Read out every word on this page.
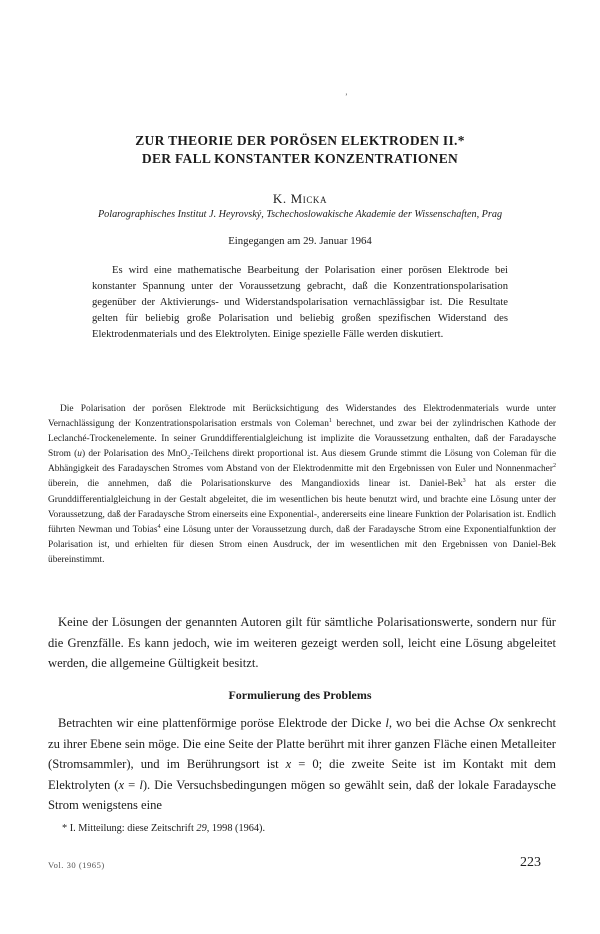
’
ZUR THEORIE DER PORÖSEN ELEKTRODEN II.*
DER FALL KONSTANTER KONZENTRATIONEN
K. Micka
Polarographisches Institut J. Heyrovský, Tschechoslowakische Akademie der Wissenschaften, Prag
Eingegangen am 29. Januar 1964

Es wird eine mathematische Bearbeitung der Polarisation einer porösen Elektrode bei konstanter Spannung unter der Voraussetzung gebracht, daß die Konzentrationspolarisation gegenüber der Aktivierungs- und Widerstandspolarisation vernachlässigbar ist. Die Resultate gelten für beliebig große Polarisation und beliebig großen spezifischen Widerstand des Elektrodenmaterials und des Elektrolyten. Einige spezielle Fälle werden diskutiert.

Die Polarisation der porösen Elektrode mit Berücksichtigung des Widerstandes des Elektrodenmaterials wurde unter Vernachlässigung der Konzentrationspolarisation erstmals von Coleman$^1$ berechnet, und zwar bei der zylindrischen Kathode der Leclanché-Trockenelemente. In seiner Grunddifferentialgleichung ist implizite die Voraussetzung enthalten, daß der Faradaysche Strom (u) der Polarisation des MnO$_2$-Teilchens direkt proportional ist. Aus diesem Grunde stimmt die Lösung von Coleman für die Abhängigkeit des Faradayschen Stromes vom Abstand von der Elektrodenmitte mit den Ergebnissen von Euler und Nonnenmacher$^2$ überein, die annehmen, daß die Polarisationskurve des Mangandioxids linear ist. Daniel-Bek$^3$ hat als erster die Grunddifferentialgleichung in der Gestalt abgeleitet, die im wesentlichen bis heute benutzt wird, und brachte eine Lösung unter der Voraussetzung, daß der Faradaysche Strom einerseits eine Exponential-, andererseits eine lineare Funktion der Polarisation ist. Endlich führten Newman und Tobias$^4$ eine Lösung unter der Voraussetzung durch, daß der Faradaysche Strom eine Exponentialfunktion der Polarisation ist, und erhielten für diesen Strom einen Ausdruck, der im wesentlichen mit den Ergebnissen von Daniel-Bek übereinstimmt.

Keine der Lösungen der genannten Autoren gilt für sämtliche Polarisationswerte, sondern nur für die Grenzfälle. Es kann jedoch, wie im weiteren gezeigt werden soll, leicht eine Lösung abgeleitet werden, die allgemeine Gültigkeit besitzt.

Formulierung des Problems

Betrachten wir eine plattenförmige poröse Elektrode der Dicke l, wo bei die Achse Ox senkrecht zu ihrer Ebene sein möge. Die eine Seite der Platte berührt mit ihrer ganzen Fläche einen Metalleiter (Stromsammler), und im Berührungsort ist x = 0; die zweite Seite ist im Kontakt mit dem Elektrolyten (x = l). Die Versuchsbedingungen mögen so gewählt sein, daß der lokale Faradaysche Strom wenigstens eine

* I. Mitteilung: diese Zeitschrift 29, 1998 (1964).
Vol. 30 (1965)	223
